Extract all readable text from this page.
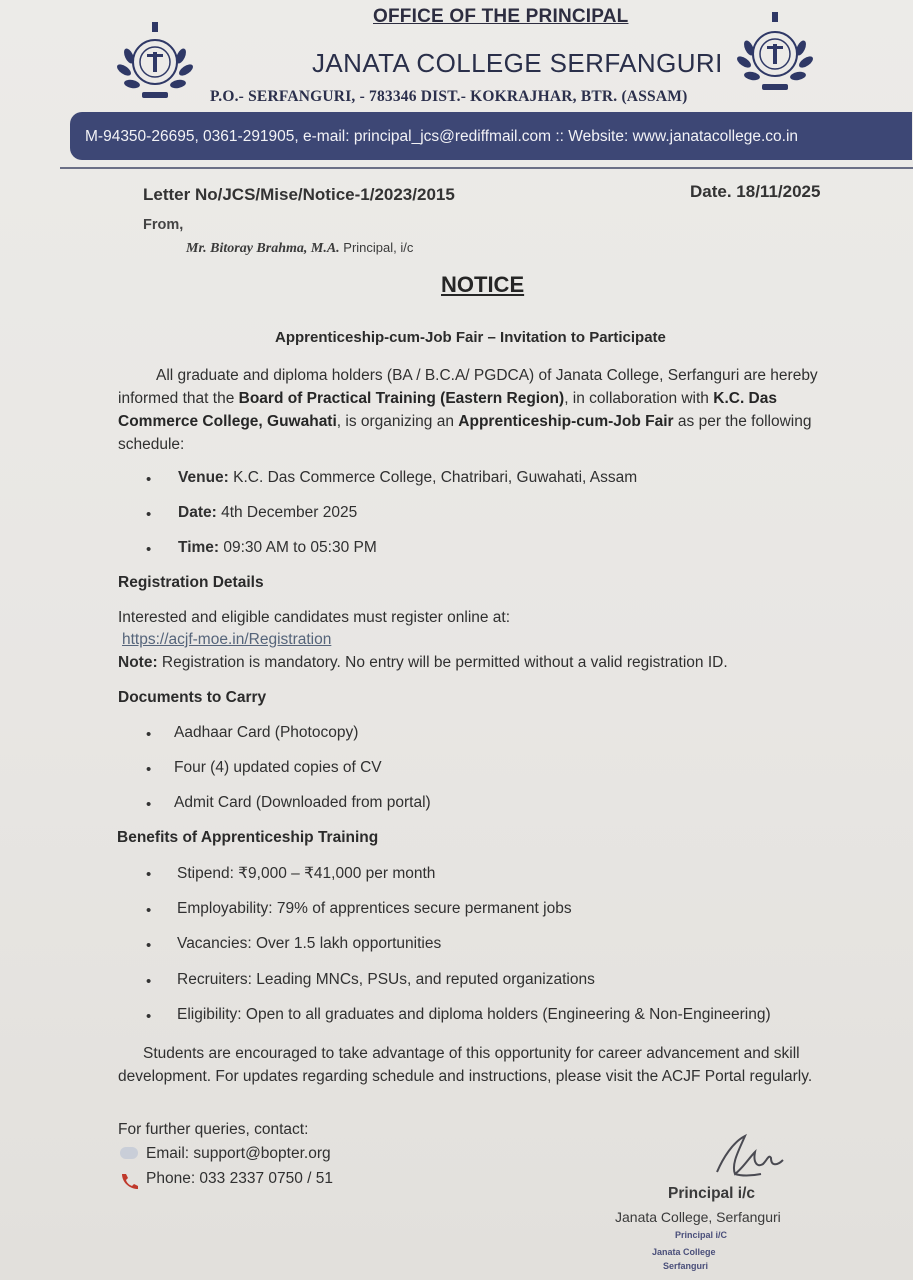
OFFICE OF THE PRINCIPAL
JANATA COLLEGE SERFANGURI
P.O.- SERFANGURI, - 783346 DIST.- KOKRAJHAR, BTR. (ASSAM)
M-94350-26695, 0361-291905, e-mail: principal_jcs@rediffmail.com :: Website: www.janatacollege.co.in
Letter No/JCS/Mise/Notice-1/2023/2015	Date. 18/11/2025
From,
Mr. Bitoray Brahma, M.A. Principal, i/c
NOTICE
Apprenticeship-cum-Job Fair – Invitation to Participate
All graduate and diploma holders (BA / B.C.A/ PGDCA) of Janata College, Serfanguri are hereby informed that the Board of Practical Training (Eastern Region), in collaboration with K.C. Das Commerce College, Guwahati, is organizing an Apprenticeship-cum-Job Fair as per the following schedule:
• Venue: K.C. Das Commerce College, Chatribari, Guwahati, Assam
• Date: 4th December 2025
• Time: 09:30 AM to 05:30 PM
Registration Details
Interested and eligible candidates must register online at:
https://acjf-moe.in/Registration
Note: Registration is mandatory. No entry will be permitted without a valid registration ID.
Documents to Carry
• Aadhaar Card (Photocopy)
• Four (4) updated copies of CV
• Admit Card (Downloaded from portal)
Benefits of Apprenticeship Training
• Stipend: ₹9,000 – ₹41,000 per month
• Employability: 79% of apprentices secure permanent jobs
• Vacancies: Over 1.5 lakh opportunities
• Recruiters: Leading MNCs, PSUs, and reputed organizations
• Eligibility: Open to all graduates and diploma holders (Engineering & Non-Engineering)
Students are encouraged to take advantage of this opportunity for career advancement and skill development. For updates regarding schedule and instructions, please visit the ACJF Portal regularly.
For further queries, contact:
Email: support@bopter.org
Phone: 033 2337 0750 / 51
Principal i/c
Janata College, Serfanguri
Principal i/C
Janata College
Serfanguri
